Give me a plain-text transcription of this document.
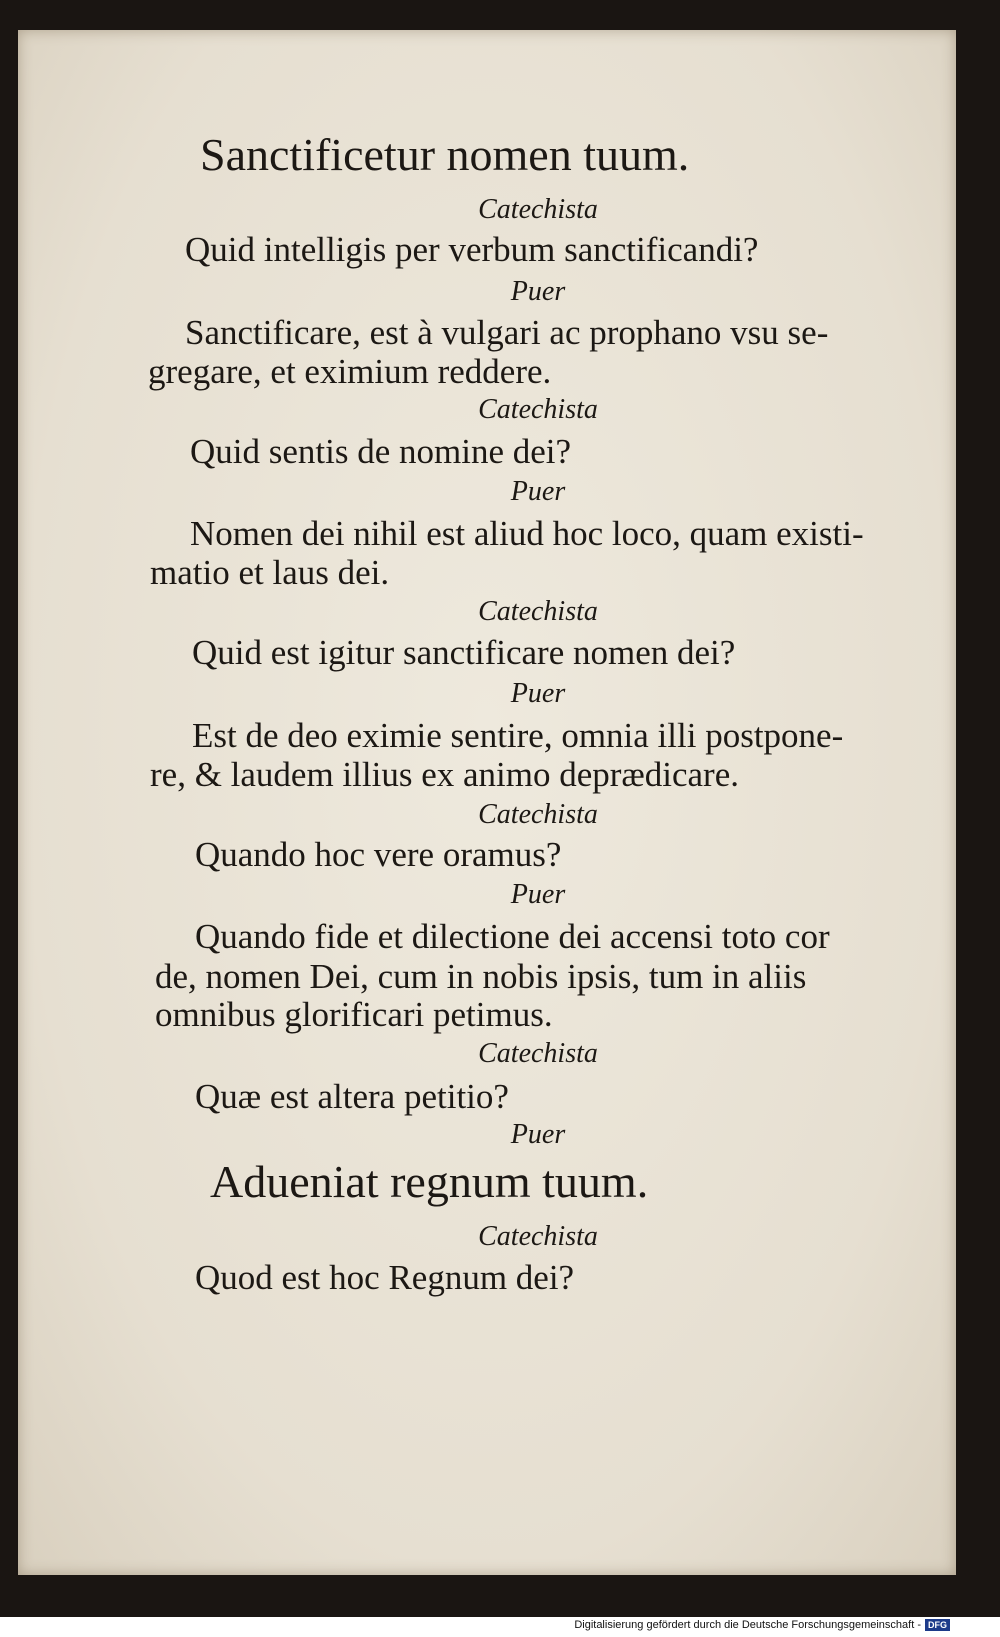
Sanctificetur nomen tuum.
Catechista
Quid intelligis per verbum sanctificandi?
Puer
Sanctificare, est à vulgari ac prophano vsu se-
gregare, et eximium reddere.
Catechista
Quid sentis de nomine dei?
Puer
Nomen dei nihil est aliud hoc loco, quam existi-
matio et laus dei.
Catechista
Quid est igitur sanctificare nomen dei?
Puer
Est de deo eximie sentire, omnia illi postpone-
re, & laudem illius ex animo deprædicare.
Catechista
Quando hoc vere oramus?
Puer
Quando fide et dilectione dei accensi toto cor
de, nomen Dei, cum in nobis ipsis, tum in aliis
omnibus glorificari petimus.
Catechista
Quæ est altera petitio?
Puer
Adueniat regnum tuum.
Catechista
Quod est hoc Regnum dei?
Digitalisierung gefördert durch die Deutsche Forschungsgemeinschaft - DFG
